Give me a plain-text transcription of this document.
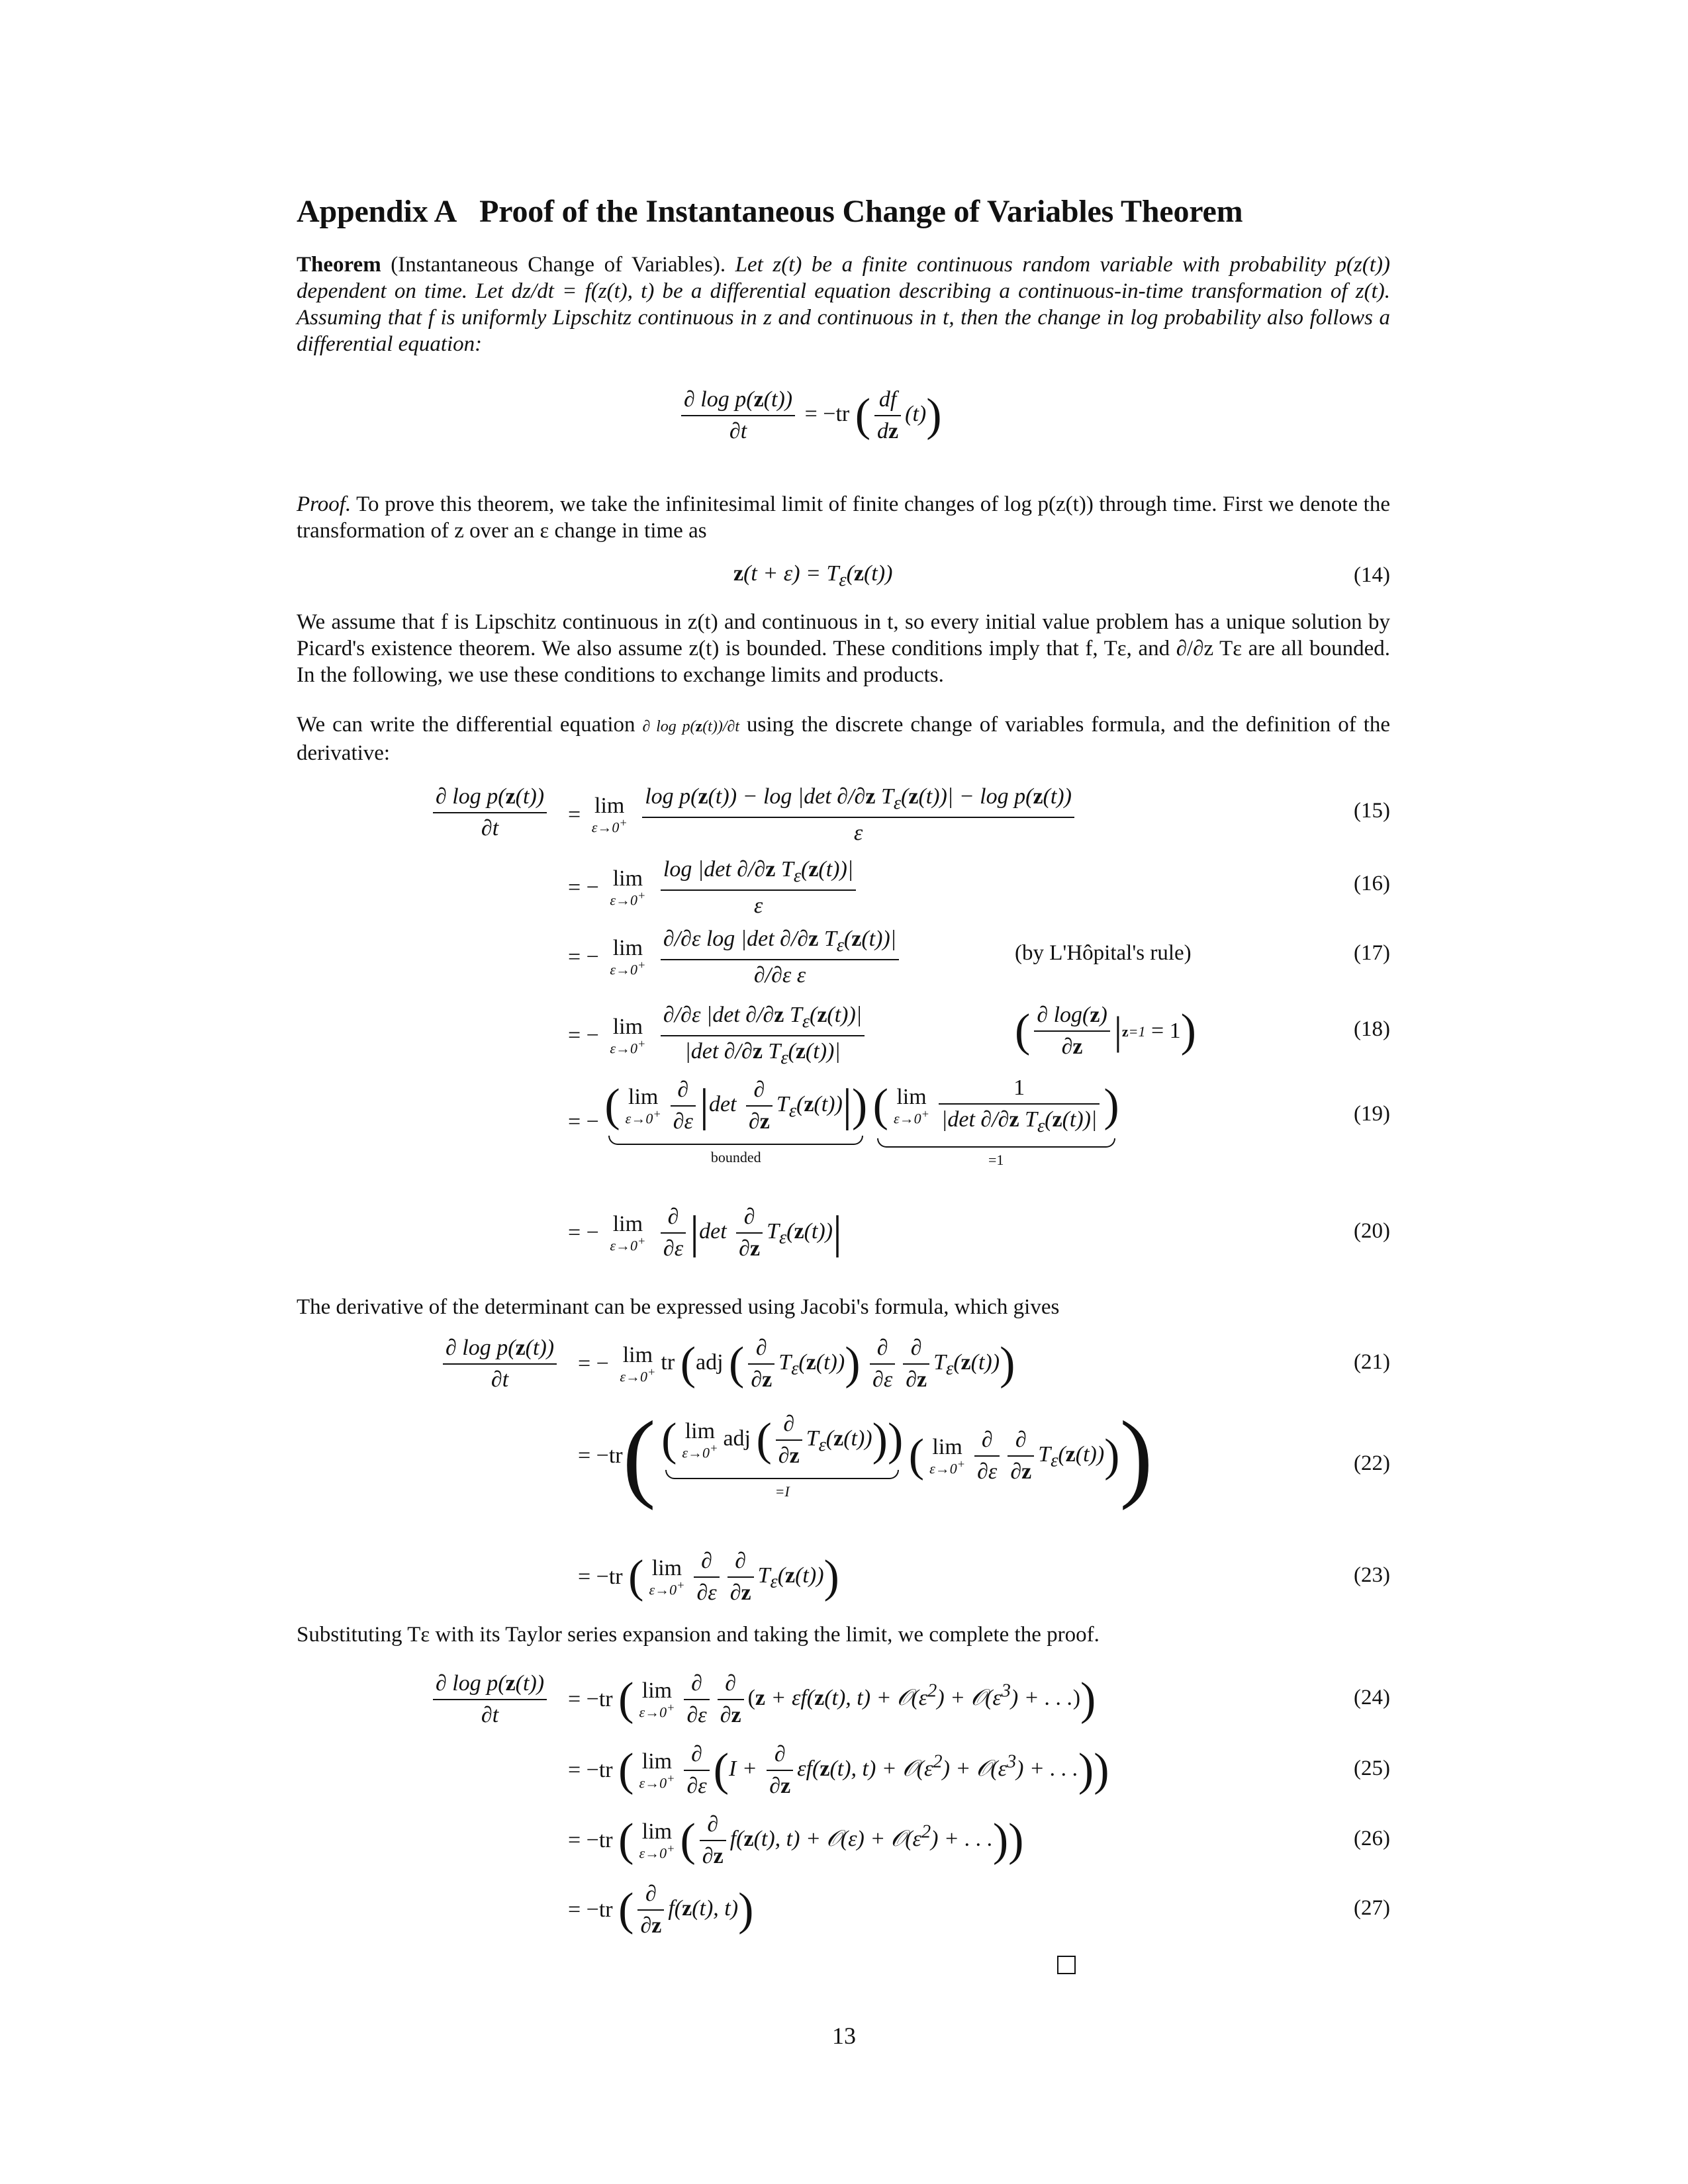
Appendix A Proof of the Instantaneous Change of Variables Theorem
Theorem (Instantaneous Change of Variables). Let z(t) be a finite continuous random variable with probability p(z(t)) dependent on time. Let dz/dt = f(z(t), t) be a differential equation describing a continuous-in-time transformation of z(t). Assuming that f is uniformly Lipschitz continuous in z and continuous in t, then the change in log probability also follows a differential equation:
$\frac{\text{∂ log p(z(t))}}{\partial t} = -tr$ ( $\frac{df}{dz} (t)$)
Proof. To prove this theorem, we take the infinitesimal limit of finite changes of log p(z(t)) through time. First we denote the transformation of z over an ε change in time as
$z(t + \varepsilon) = T_\varepsilon(z(t))$	(14)
We assume that f is Lipschitz continuous in z(t) and continuous in t, so every initial value problem has a unique solution by Picard's existence theorem. We also assume z(t) is bounded. These conditions imply that f, Tε, and ∂/∂z Tε are all bounded. In the following, we use these conditions to exchange limits and products.
We can write the differential equation ∂ log p(z(t))/∂t using the discrete change of variables formula, and the definition of the derivative:
$\frac{\text{∂ log p(z(t))}}{\partial t} = \lim$
ε→0+
$\frac{\log p(z(t)) - \log |\det \partial/\partial z T_\varepsilon(z(t))| - \log p(z(t))}{\varepsilon}$	(15)
= − lim
ε→0+
$\frac{\log |\det \partial/\partial z T_\varepsilon(z(t))|}{\varepsilon}$	(16)
= − lim
ε→0+
$\frac{\partial/\partial\varepsilon \log |\det \partial/\partial z T_\varepsilon(z(t))|}{\text{∂/∂ε ε}}$	(by L'Hôpital's rule)	(17)
= − lim
ε→0+
$\frac{\partial/\partial\varepsilon |\det \partial/\partial z T_\varepsilon(z(t))|}{|\det \partial/\partial z T_\varepsilon(z(t))|}$	( $\frac{\partial \log(z)}{\partial z} |z=1 = 1$)	(18)
= − ( lim
$\varepsilon\to 0^+ \frac{\partial}{\partial\varepsilon} |\det \frac{\partial}{\partial z} T_\varepsilon(z(t))|$)
bounded
( lim
$\varepsilon\to 0^+ \frac{1}{|\det \partial/\partial z T_\varepsilon(z(t))|}$ )
=1
(19)
= − lim
ε→0+
$\frac{\partial}{\partial\varepsilon} |\det \frac{\partial}{\partial z} T_\varepsilon(z(t))|$	(20)
The derivative of the determinant can be expressed using Jacobi's formula, which gives
$\frac{\text{∂ log p(z(t))}}{\partial t}$ = − lim
ε→0+ tr (adj ( $\frac{\partial}{\partial z} T_\varepsilon(z(t))) \frac{\partial}{\partial\varepsilon} \frac{\partial}{\partial z} T_\varepsilon(z(t))$)	(21)
= −tr( ( lim
ε→0+ adj ( $\frac{\partial}{\partial z} T_\varepsilon(z(t))$))
=I
( lim
$\varepsilon\to 0^+ \frac{\partial}{\partial\varepsilon} \frac{\partial}{\partial z} T_\varepsilon(z(t))$))	(22)
= −tr ( lim
$\varepsilon\to 0^+ \frac{\partial}{\partial\varepsilon} \frac{\partial}{\partial z} T_\varepsilon(z(t))$)	(23)
Substituting Tε with its Taylor series expansion and taking the limit, we complete the proof.
$\frac{\text{∂ log p(z(t))}}{\partial t} = -tr$ ( lim
$\varepsilon\to 0^+ \frac{\partial}{\partial\varepsilon} \frac{\partial}{\partial z} (z + \varepsilon f(z(t)$, $t) + 𝒪(\varepsilon^2)$ + $𝒪(\varepsilon^3)$ + . . .))	(24)
= −tr ( lim
$\varepsilon\to 0^+ \frac{\partial}{\partial\varepsilon} (I + \frac{\partial}{\partial z} \varepsilon f(z(t)$, $t) + 𝒪(\varepsilon^2)$ + $𝒪(\varepsilon^3)$ + . . .))	(25)
= −tr ( lim
ε→0+ ( $\frac{\partial}{\partial z} f(z(t)$, t) + 𝒪(ε) + $𝒪(\varepsilon^2)$ + . . .))	(26)
= −tr ( $\frac{\partial}{\partial z} f(z(t)$, t))	(27)
13
